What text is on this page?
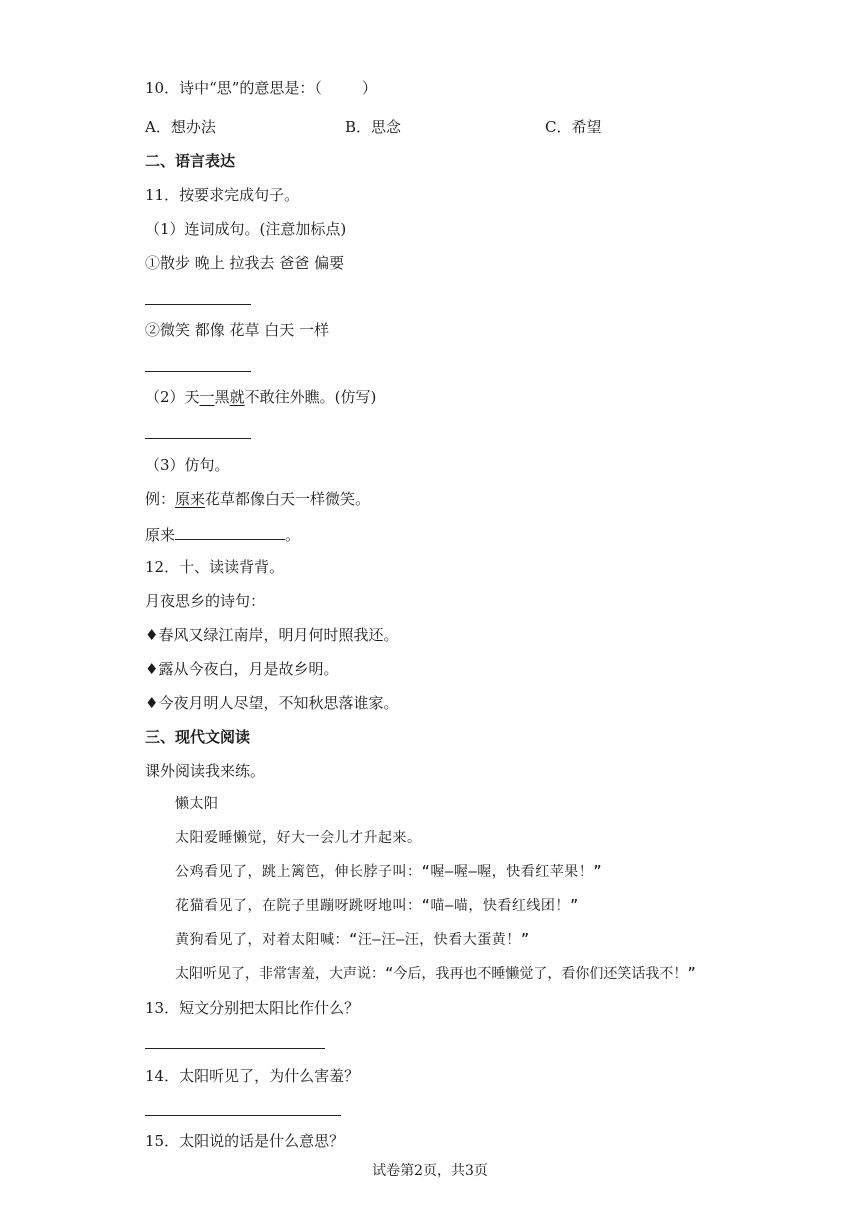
10．诗中“思”的意思是：（	）
A．想办法	B．思念	C．希望
二、语言表达
11．按要求完成句子。
（1）连词成句。(注意加标点)
①散步 晚上 拉我去 爸爸 偏要
②微笑 都像 花草 白天 一样
（2）天一黑就不敢往外瞧。(仿写)
（3）仿句。
例：原来花草都像白天一样微笑。
原来	。
12．十、读读背背。
月夜思乡的诗句：
♦春风又绿江南岸，明月何时照我还。
♦露从今夜白，月是故乡明。
♦今夜月明人尽望，不知秋思落谁家。
三、现代文阅读
课外阅读我来练。
懒太阳
太阳爱睡懒觉，好大一会儿才升起来。
公鸡看见了，跳上篱笆，伸长脖子叫：“喔—喔—喔，快看红苹果！”
花猫看见了，在院子里蹦呀跳呀地叫：“喵—喵，快看红线团！”
黄狗看见了，对着太阳喊：“汪—汪—汪，快看大蛋黄！”
太阳听见了，非常害羞，大声说：“今后，我再也不睡懒觉了，看你们还笑话我不！”
13．短文分别把太阳比作什么？
14．太阳听见了，为什么害羞？
15．太阳说的话是什么意思？
试卷第2页，共3页
